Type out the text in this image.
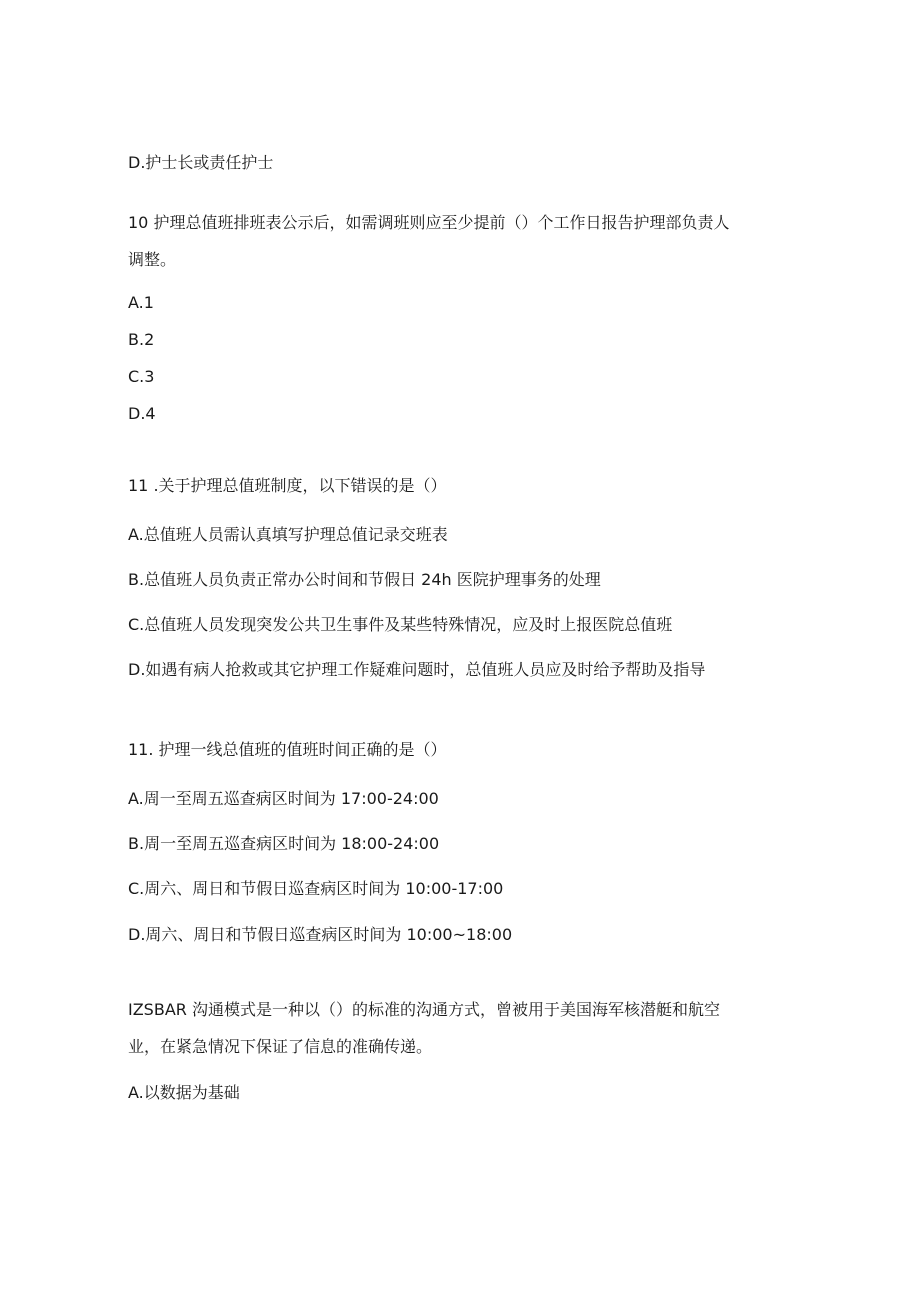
D.护士长或责任护士
10 护理总值班排班表公示后，如需调班则应至少提前（）个工作日报告护理部负责人
调整。
A.1
B.2
C.3
D.4
11 .关于护理总值班制度，以下错误的是（）
A.总值班人员需认真填写护理总值记录交班表
B.总值班人员负责正常办公时间和节假日 24h 医院护理事务的处理
C.总值班人员发现突发公共卫生事件及某些特殊情况，应及时上报医院总值班
D.如遇有病人抢救或其它护理工作疑难问题时，总值班人员应及时给予帮助及指导
11. 护理一线总值班的值班时间正确的是（）
A.周一至周五巡查病区时间为 17:00-24:00
B.周一至周五巡查病区时间为 18:00-24:00
C.周六、周日和节假日巡查病区时间为 10:00-17:00
D.周六、周日和节假日巡查病区时间为 10:00~18:00
IZSBAR 沟通模式是一种以（）的标准的沟通方式，曾被用于美国海军核潜艇和航空
业，在紧急情况下保证了信息的准确传递。
A.以数据为基础
